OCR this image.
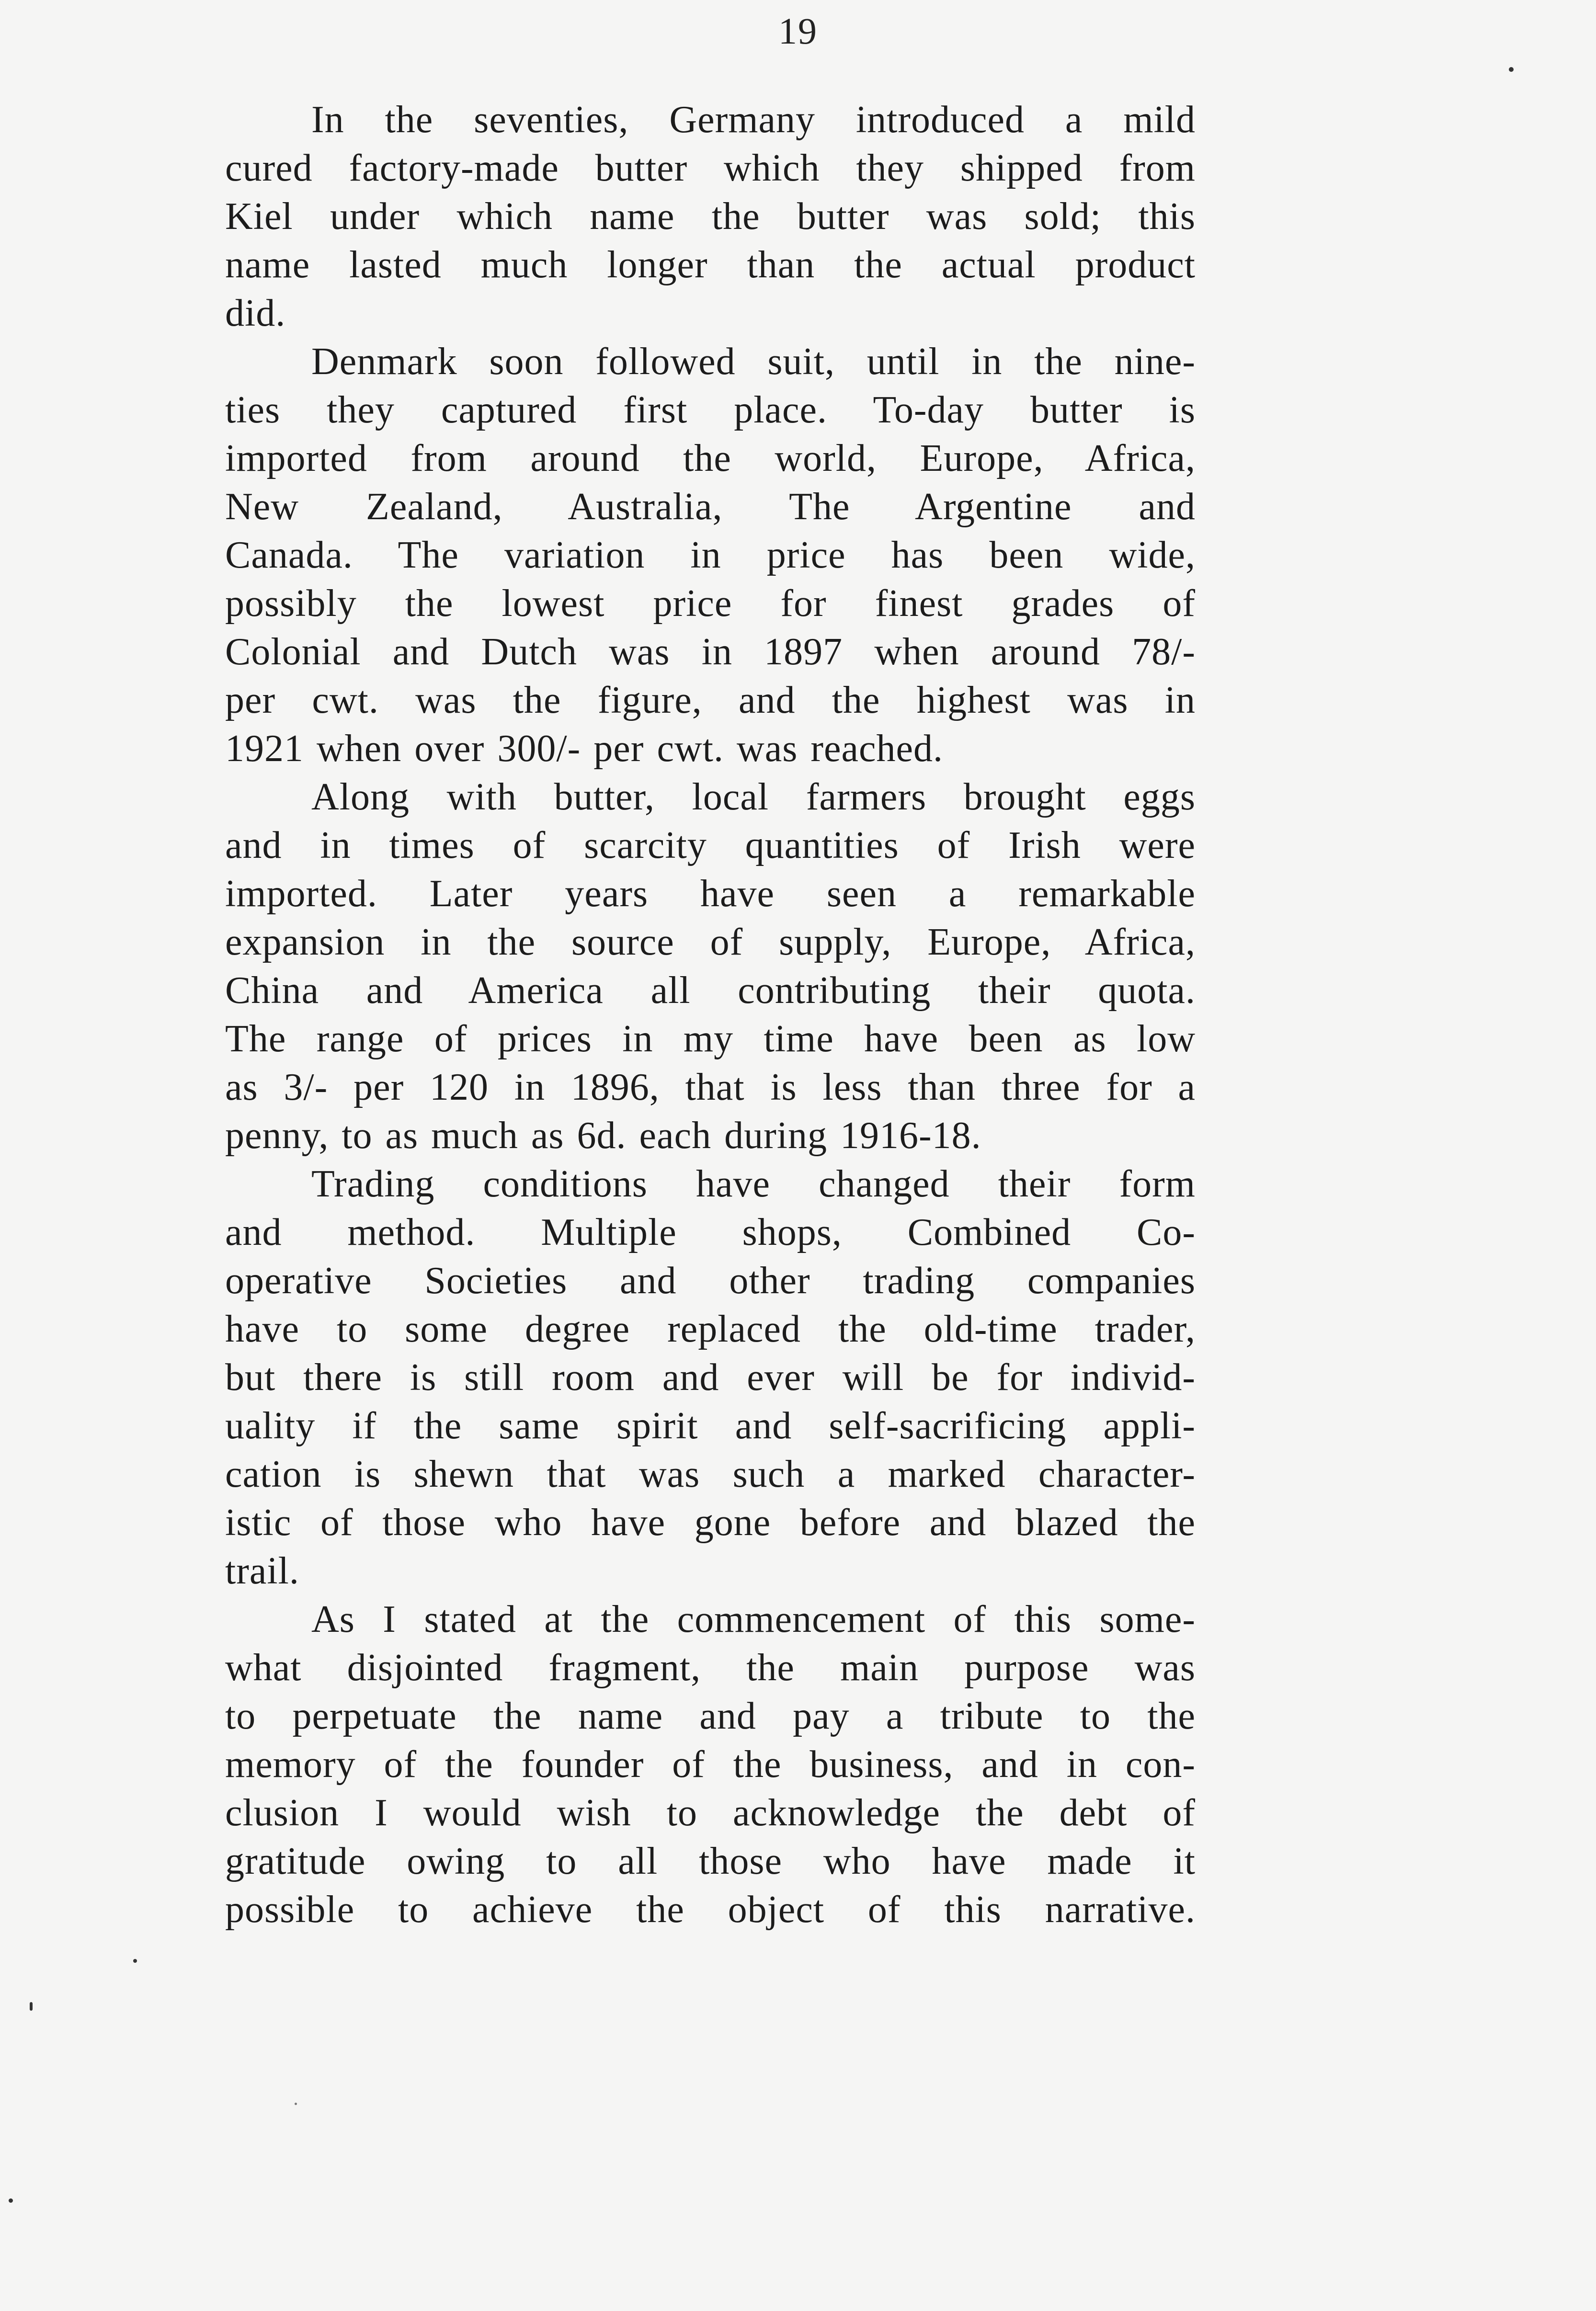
19
In the seventies, Germany introduced a mild
cured factory-made butter which they shipped from
Kiel under which name the butter was sold; this
name lasted much longer than the actual product
did.
Denmark soon followed suit, until in the nine-
ties they captured first place. To-day butter is
imported from around the world, Europe, Africa,
New Zealand, Australia, The Argentine and
Canada. The variation in price has been wide,
possibly the lowest price for finest grades of
Colonial and Dutch was in 1897 when around 78/-
per cwt. was the figure, and the highest was in
1921 when over 300/- per cwt. was reached.
Along with butter, local farmers brought eggs
and in times of scarcity quantities of Irish were
imported. Later years have seen a remarkable
expansion in the source of supply, Europe, Africa,
China and America all contributing their quota.
The range of prices in my time have been as low
as 3/- per 120 in 1896, that is less than three for a
penny, to as much as 6d. each during 1916-18.
Trading conditions have changed their form
and method. Multiple shops, Combined Co-
operative Societies and other trading companies
have to some degree replaced the old-time trader,
but there is still room and ever will be for individ-
uality if the same spirit and self-sacrificing appli-
cation is shewn that was such a marked character-
istic of those who have gone before and blazed the
trail.
As I stated at the commencement of this some-
what disjointed fragment, the main purpose was
to perpetuate the name and pay a tribute to the
memory of the founder of the business, and in con-
clusion I would wish to acknowledge the debt of
gratitude owing to all those who have made it
possible to achieve the object of this narrative.
